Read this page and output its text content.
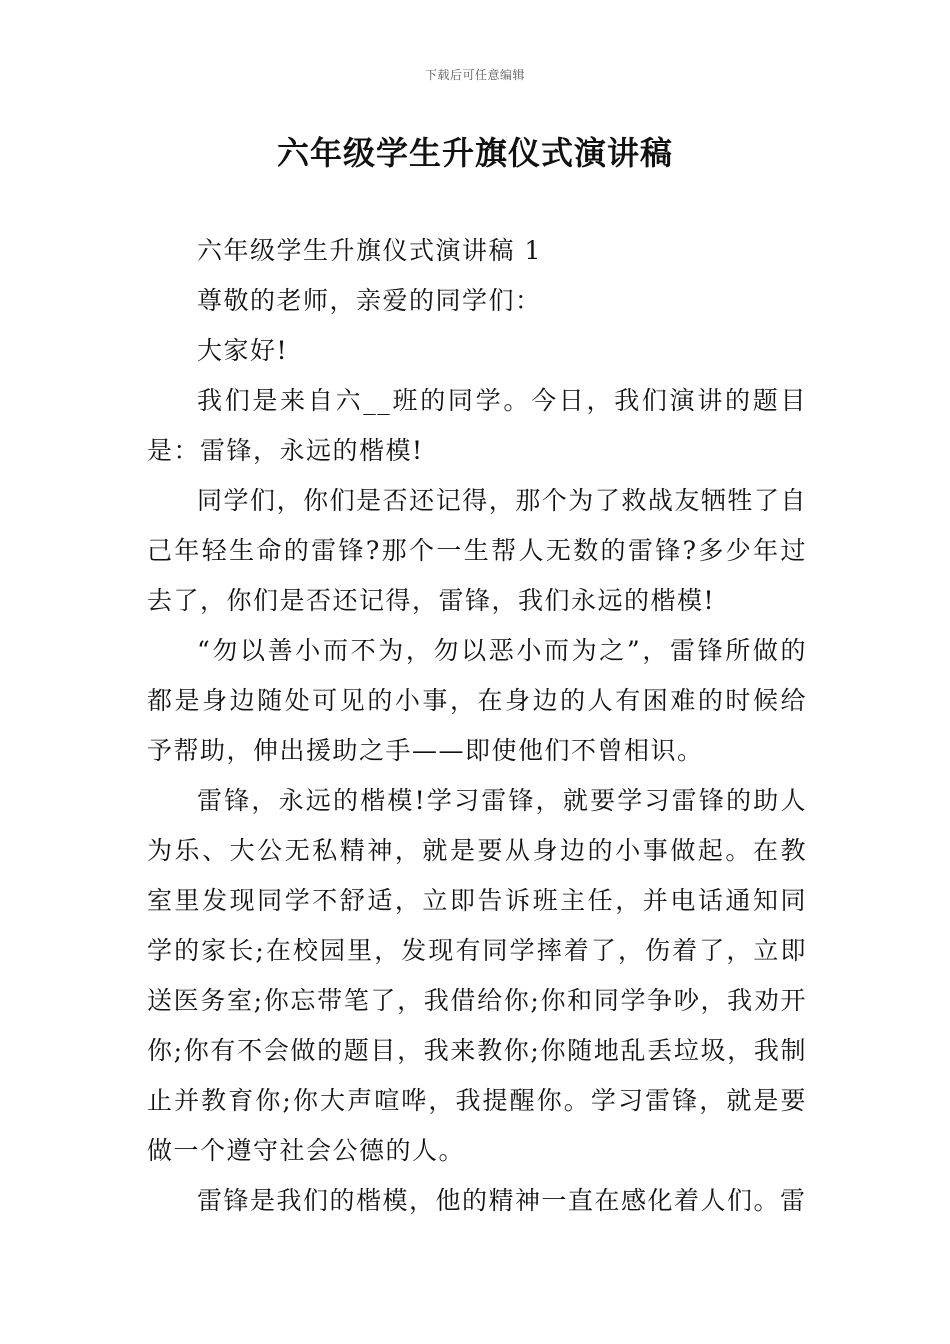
下载后可任意编辑
六年级学生升旗仪式演讲稿

六年级学生升旗仪式演讲稿 1

尊敬的老师，亲爱的同学们：

大家好!

我们是来自六__班的同学。今日，我们演讲的题目是：雷锋，永远的楷模!

同学们，你们是否还记得，那个为了救战友牺牲了自己年轻生命的雷锋?那个一生帮人无数的雷锋?多少年过去了，你们是否还记得，雷锋，我们永远的楷模!

“勿以善小而不为，勿以恶小而为之”，雷锋所做的都是身边随处可见的小事，在身边的人有困难的时候给予帮助，伸出援助之手——即使他们不曾相识。

雷锋，永远的楷模!学习雷锋，就要学习雷锋的助人为乐、大公无私精神，就是要从身边的小事做起。在教室里发现同学不舒适，立即告诉班主任，并电话通知同学的家长;在校园里，发现有同学摔着了，伤着了，立即送医务室;你忘带笔了，我借给你;你和同学争吵，我劝开你;你有不会做的题目，我来教你;你随地乱丢垃圾，我制止并教育你;你大声喧哗，我提醒你。学习雷锋，就是要做一个遵守社会公德的人。

雷锋是我们的楷模，他的精神一直在感化着人们。雷
